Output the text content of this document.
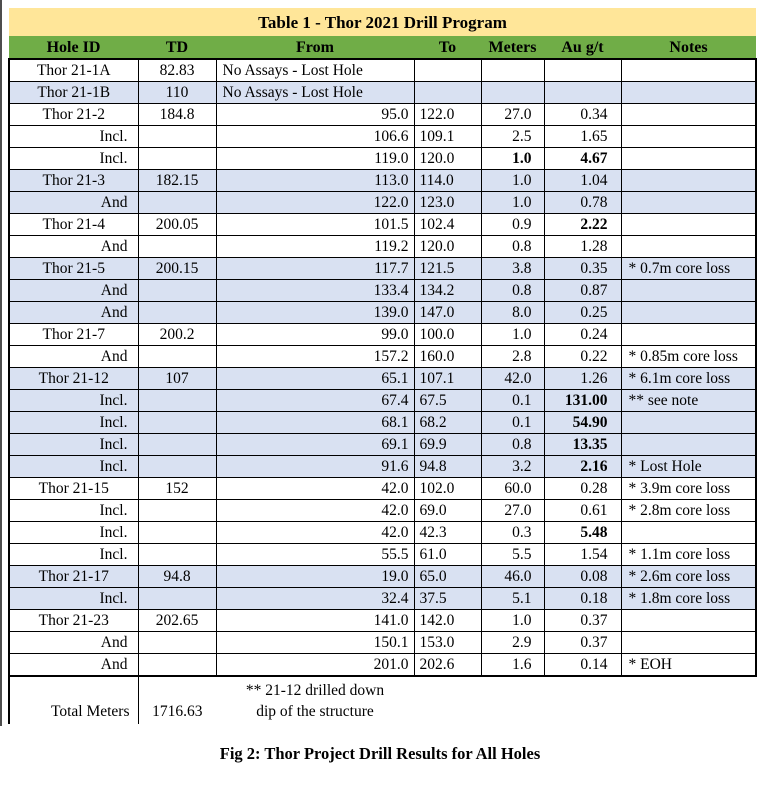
Table 1 - Thor 2021 Drill Program						
Hole ID	TD	From	To	Meters	Au g/t	Notes
Thor 21-1A	82.83	No Assays - Lost Hole				
Thor 21-1B	110	No Assays - Lost Hole				
Thor 21-2	184.8	95.0	122.0	27.0	0.34	
Incl.		106.6	109.1	2.5	1.65	
Incl.		119.0	120.0	1.0	4.67	
Thor 21-3	182.15	113.0	114.0	1.0	1.04	
And		122.0	123.0	1.0	0.78	
Thor 21-4	200.05	101.5	102.4	0.9	2.22	
And		119.2	120.0	0.8	1.28	
Thor 21-5	200.15	117.7	121.5	3.8	0.35	* 0.7m core loss
And		133.4	134.2	0.8	0.87	
And		139.0	147.0	8.0	0.25	
Thor 21-7	200.2	99.0	100.0	1.0	0.24	
And		157.2	160.0	2.8	0.22	* 0.85m core loss
Thor 21-12	107	65.1	107.1	42.0	1.26	* 6.1m core loss
Incl.		67.4	67.5	0.1	131.00	** see note
Incl.		68.1	68.2	0.1	54.90	
Incl.		69.1	69.9	0.8	13.35	
Incl.		91.6	94.8	3.2	2.16	* Lost Hole
Thor 21-15	152	42.0	102.0	60.0	0.28	* 3.9m core loss
Incl.		42.0	69.0	27.0	0.61	* 2.8m core loss
Incl.		42.0	42.3	0.3	5.48	
Incl.		55.5	61.0	5.5	1.54	* 1.1m core loss
Thor 21-17	94.8	19.0	65.0	46.0	0.08	* 2.6m core loss
Incl.		32.4	37.5	5.1	0.18	* 1.8m core loss
Thor 21-23	202.65	141.0	142.0	1.0	0.37	
And		150.1	153.0	2.9	0.37	
And		201.0	202.6	1.6	0.14	* EOH
Total Meters	1716.63	** 21-12 drilled down
dip of the structure				
Fig 2: Thor Project Drill Results for All Holes
